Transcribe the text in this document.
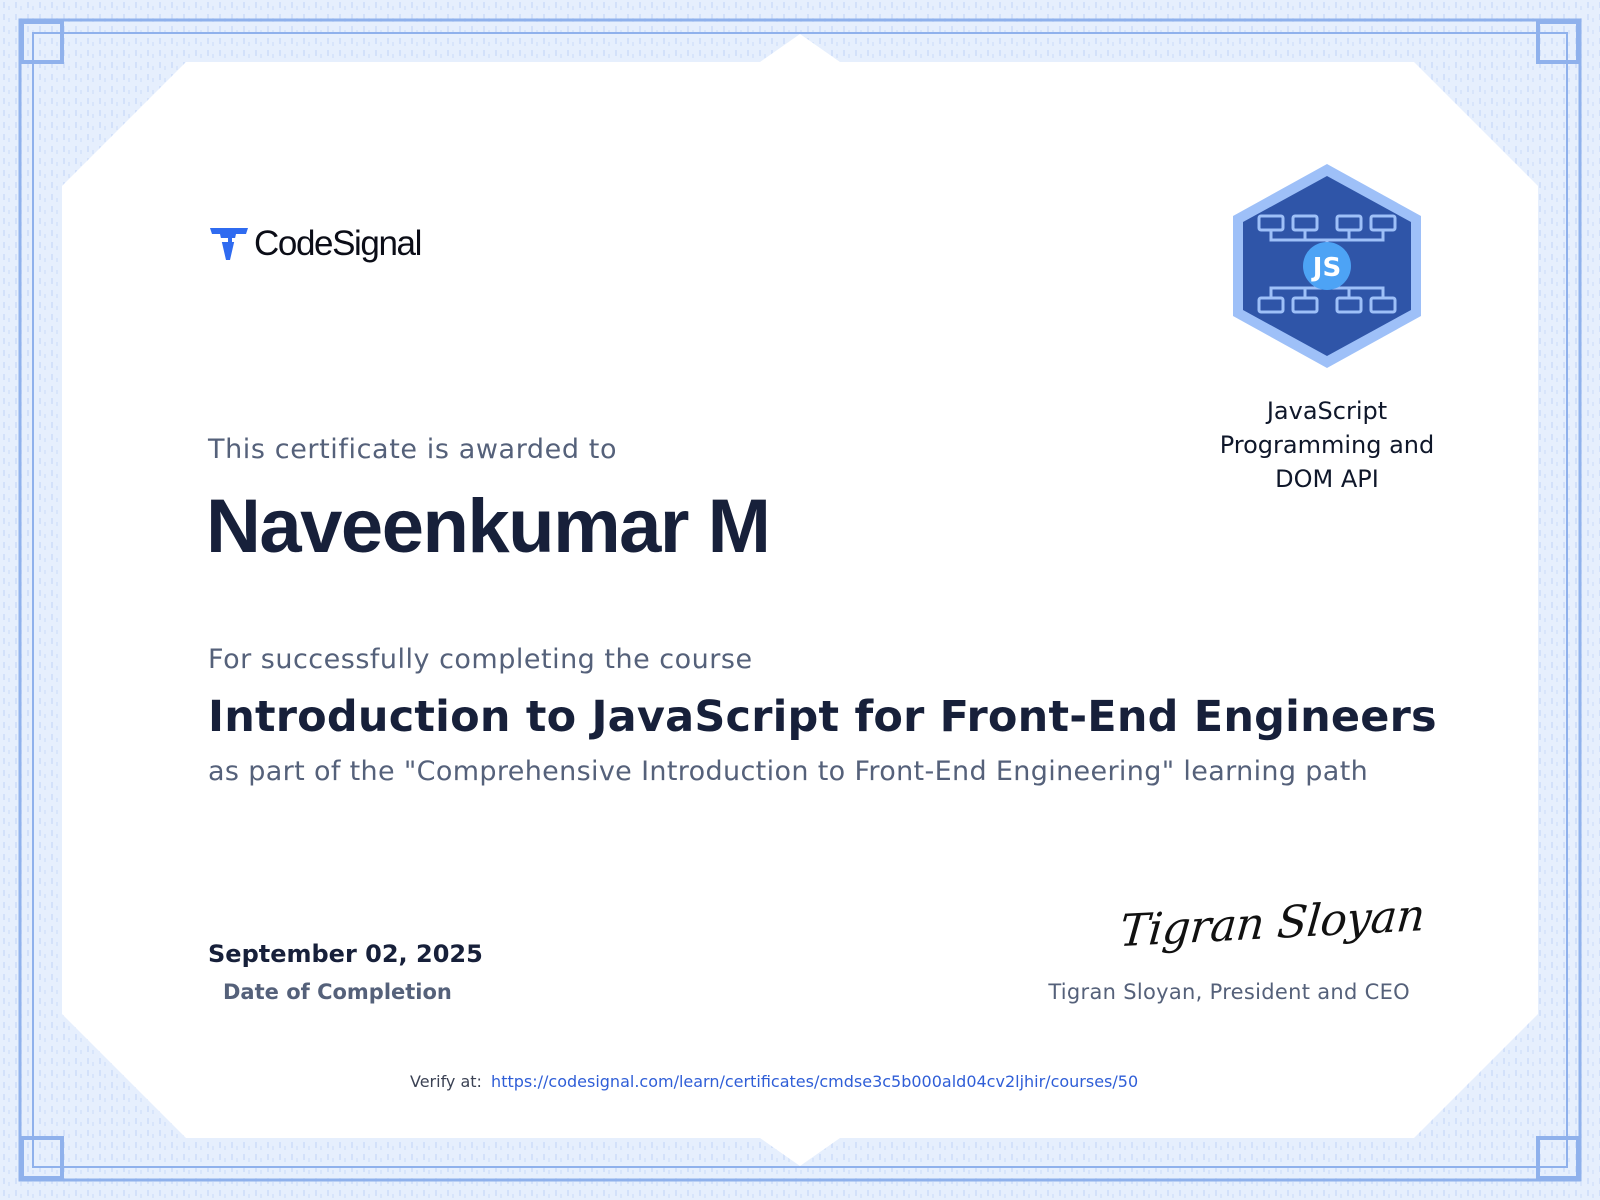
CodeSignal
JS
JavaScript
Programming and
DOM API
This certificate is awarded to
Naveenkumar M
For successfully completing the course
Introduction to JavaScript for Front-End Engineers
as part of the "Comprehensive Introduction to Front-End Engineering" learning path
September 02, 2025
Date of Completion
Tigran Sloyan
Tigran Sloyan, President and CEO
Verify at: https://codesignal.com/learn/certificates/cmdse3c5b000ald04cv2ljhir/courses/50
